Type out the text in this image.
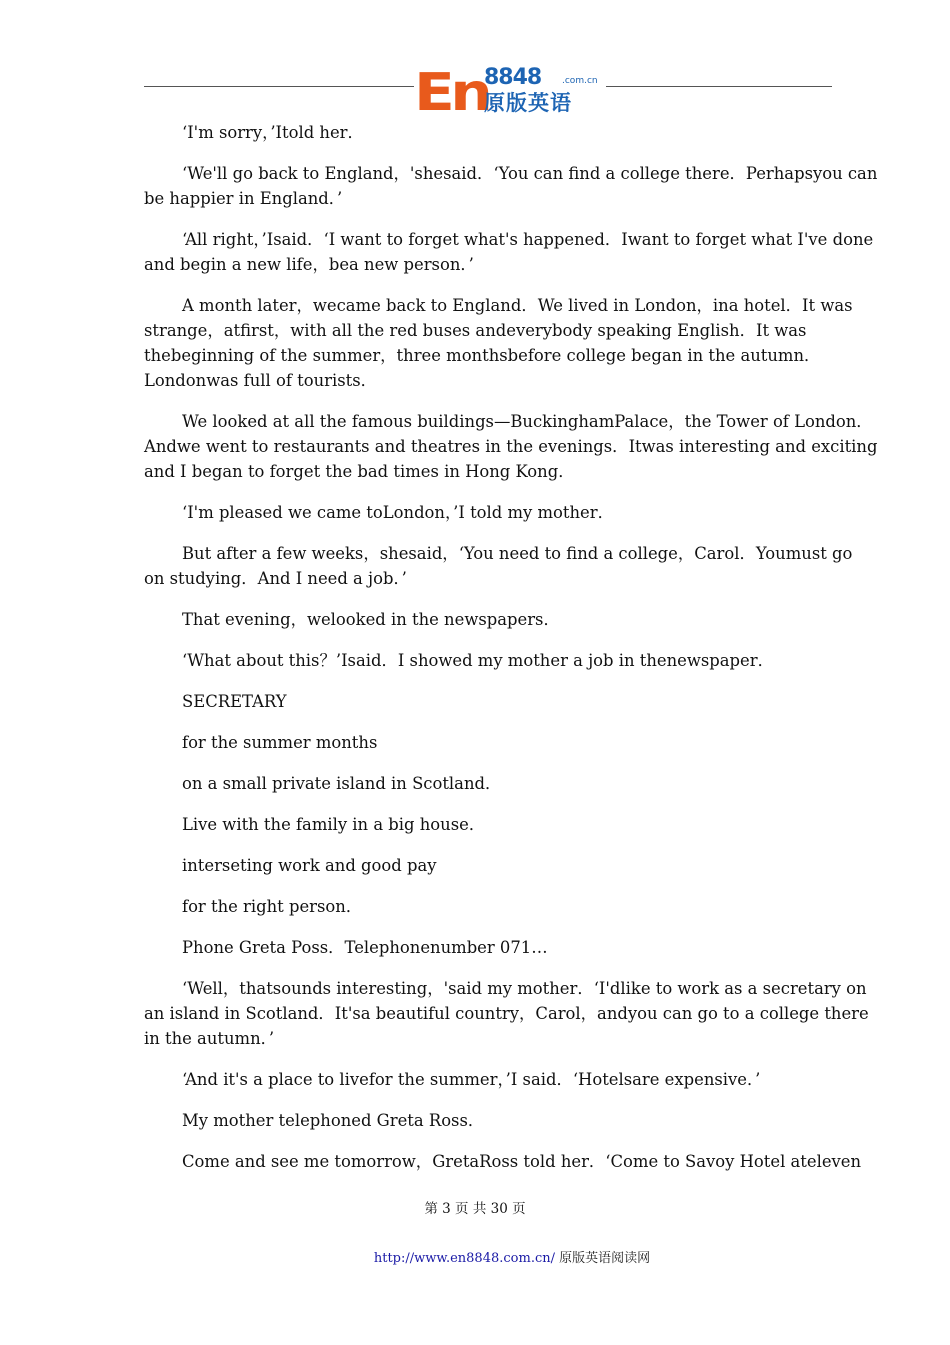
En
8848 .com.cn
原版英语

‘I'm sorry，’Itold her．

‘We'll go back to England，'shesaid．‘You can find a college there．Perhapsyou can be happier in England．’

‘All right，’Isaid．‘I want to forget what's happened．Iwant to forget what I've done and begin a new life，bea new person．’

A month later，wecame back to England．We lived in London，ina hotel．It was strange，atfirst，with all the red buses andeverybody speaking English．It was thebeginning of the summer，three monthsbefore college began in the autumn．Londonwas full of tourists．

We looked at all the famous buildings—BuckinghamPalace，the Tower of London．Andwe went to restaurants and theatres in the evenings．Itwas interesting and exciting and I began to forget the bad times in Hong Kong．

‘I'm pleased we came toLondon，’I told my mother．

But after a few weeks，shesaid，‘You need to find a college，Carol．Youmust go on studying．And I need a job．’

That evening，welooked in the newspapers．

‘What about this？’Isaid．I showed my mother a job in thenewspaper．

SECRETARY

for the summer months

on a small private island in Scotland．

Live with the family in a big house．

interseting work and good pay

for the right person．

Phone Greta Poss．Telephonenumber 071…

‘Well，thatsounds interesting，'said my mother．‘I'dlike to work as a secretary on an island in Scotland．It'sa beautiful country，Carol，andyou can go to a college there in the autumn．’

‘And it's a place to livefor the summer，’I said．‘Hotelsare expensive．’

My mother telephoned Greta Ross．

Come and see me tomorrow，GretaRoss told her．‘Come to Savoy Hotel ateleven

第 3 页 共 30 页
http://www.en8848.com.cn/ 原版英语阅读网
